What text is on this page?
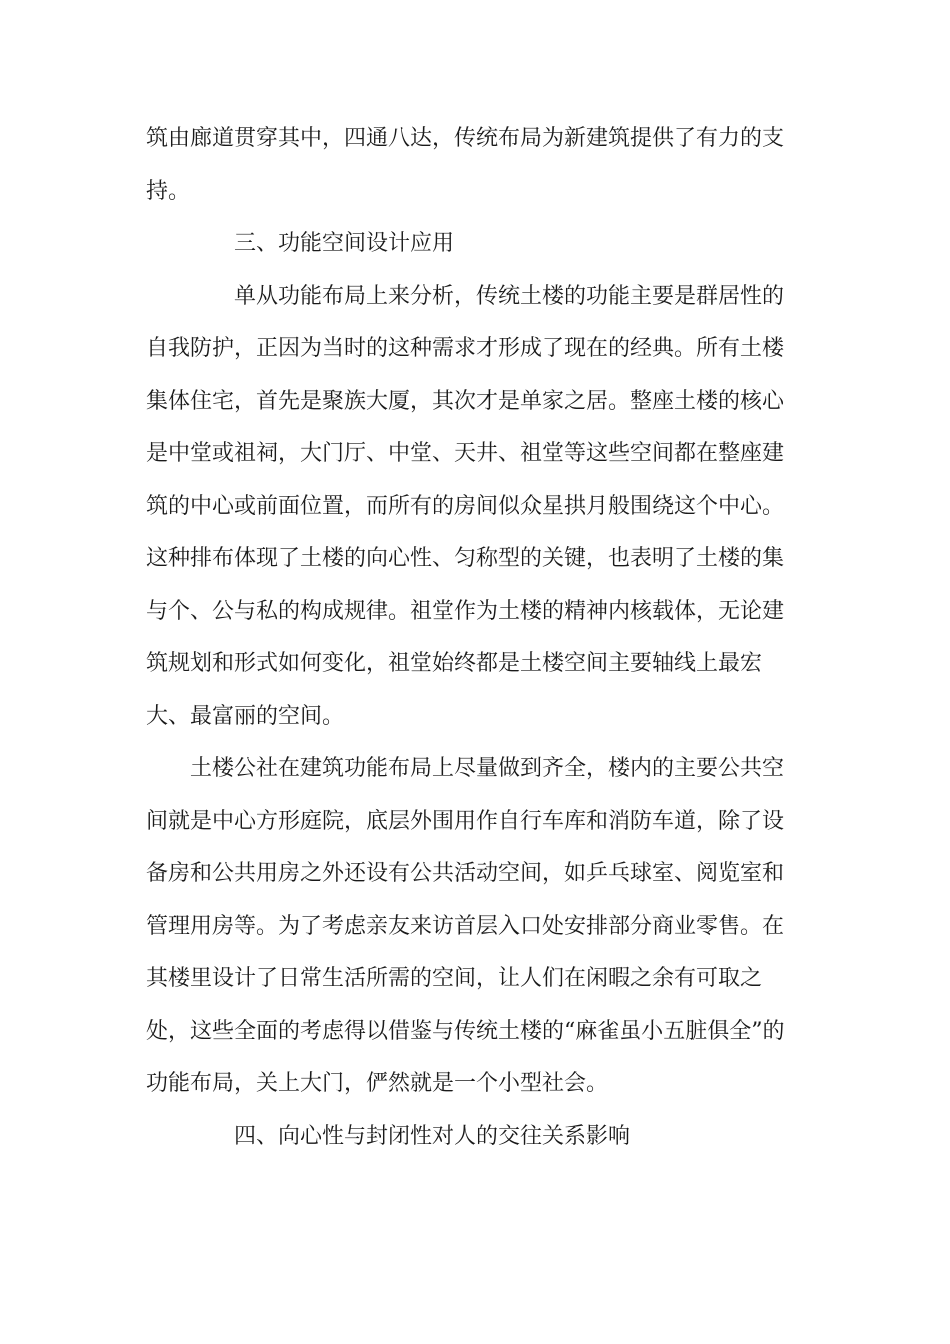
筑由廊道贯穿其中，四通八达，传统布局为新建筑提供了有力的支
持。
三、功能空间设计应用
单从功能布局上来分析，传统土楼的功能主要是群居性的
自我防护，正因为当时的这种需求才形成了现在的经典。所有土楼
集体住宅，首先是聚族大厦，其次才是单家之居。整座土楼的核心
是中堂或祖祠，大门厅、中堂、天井、祖堂等这些空间都在整座建
筑的中心或前面位置，而所有的房间似众星拱月般围绕这个中心。
这种排布体现了土楼的向心性、匀称型的关键，也表明了土楼的集
与个、公与私的构成规律。祖堂作为土楼的精神内核载体，无论建
筑规划和形式如何变化，祖堂始终都是土楼空间主要轴线上最宏
大、最富丽的空间。
土楼公社在建筑功能布局上尽量做到齐全，楼内的主要公共空
间就是中心方形庭院，底层外围用作自行车库和消防车道，除了设
备房和公共用房之外还设有公共活动空间，如乒乓球室、阅览室和
管理用房等。为了考虑亲友来访首层入口处安排部分商业零售。在
其楼里设计了日常生活所需的空间，让人们在闲暇之余有可取之
处，这些全面的考虑得以借鉴与传统土楼的“麻雀虽小五脏俱全”的
功能布局，关上大门，俨然就是一个小型社会。
四、向心性与封闭性对人的交往关系影响
